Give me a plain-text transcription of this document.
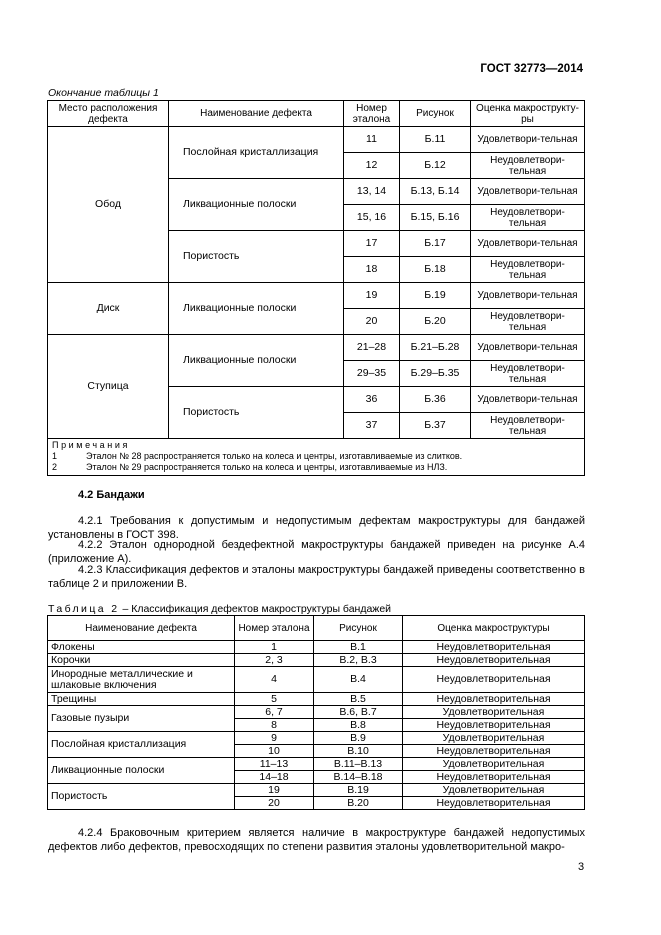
ГОСТ 32773—2014
Окончание таблицы 1
Место расположения дефекта	Наименование дефекта	Номер эталона	Рисунок	Оценка макрострукту-ры
Обод	Послойная кристаллизация	11	Б.11	Удовлетвори-тельная
		12	Б.12	Неудовлетвори-тельная
	Ликвационные полоски	13, 14	Б.13, Б.14	Удовлетвори-тельная
		15, 16	Б.15, Б.16	Неудовлетвори-тельная
	Пористость	17	Б.17	Удовлетвори-тельная
		18	Б.18	Неудовлетвори-тельная
Диск	Ликвационные полоски	19	Б.19	Удовлетвори-тельная
		20	Б.20	Неудовлетвори-тельная
Ступица	Ликвационные полоски	21–28	Б.21–Б.28	Удовлетвори-тельная
		29–35	Б.29–Б.35	Неудовлетвори-тельная
	Пористость	36	Б.36	Удовлетвори-тельная
		37	Б.37	Неудовлетвори-тельная

Примечания
1 Эталон № 28 распространяется только на колеса и центры, изготавливаемые из слитков.
2 Эталон № 29 распространяется только на колеса и центры, изготавливаемые из НЛЗ.				
4.2 Бандажи
4.2.1 Требования к допустимым и недопустимым дефектам макроструктуры для бандажей установлены в ГОСТ 398.
4.2.2 Эталон однородной бездефектной макроструктуры бандажей приведен на рисунке А.4 (приложение А).
4.2.3 Классификация дефектов и эталоны макроструктуры бандажей приведены соответственно в таблице 2 и приложении В.
Таблица 2 – Классификация дефектов макроструктуры бандажей
Наименование дефекта	Номер эталона	Рисунок	Оценка макроструктуры
Флокены	1	В.1	Неудовлетворительная
Корочки	2, 3	В.2, В.3	Неудовлетворительная
Инородные металлические и шлаковые включения	4	В.4	Неудовлетворительная
Трещины	5	В.5	Неудовлетворительная
Газовые пузыри	6, 7	В.6, В.7	Удовлетворительная
	8	В.8	Неудовлетворительная
Послойная кристаллизация	9	В.9	Удовлетворительная
	10	В.10	Неудовлетворительная
Ликвационные полоски	11–13	В.11–В.13	Удовлетворительная
	14–18	В.14–В.18	Неудовлетворительная
Пористость	19	В.19	Удовлетворительная
	20	В.20	Неудовлетворительная
4.2.4 Браковочным критерием является наличие в макроструктуре бандажей недопустимых дефектов либо дефектов, превосходящих по степени развития эталоны удовлетворительной макро-
3
